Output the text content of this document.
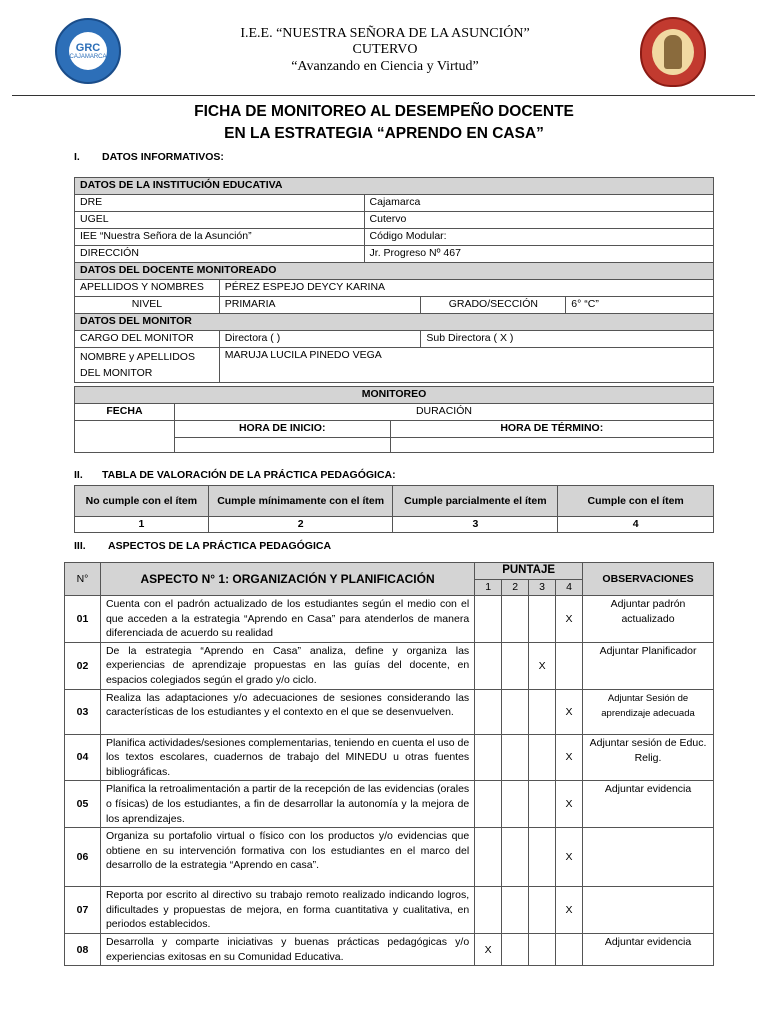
GRC
CAJAMARCA
I.E.E. “NUESTRA SEÑORA DE LA ASUNCIÓN”
CUTERVO
“Avanzando en Ciencia y Virtud”
FICHA DE MONITOREO AL DESEMPEÑO DOCENTE
EN LA ESTRATEGIA “APRENDO EN CASA”
I. DATOS INFORMATIVOS:
DATOS DE LA INSTITUCIÓN EDUCATIVA				
DRE		Cajamarca		
UGEL		Cutervo		
IEE “Nuestra Señora de la Asunción”		Código Modular:		
DIRECCIÓN		Jr. Progreso Nº 467		
DATOS DEL DOCENTE MONITOREADO				
APELLIDOS Y NOMBRES	PÉREZ ESPEJO DEYCY KARINA			
NIVEL	PRIMARIA		GRADO/SECCIÓN	6° “C”
DATOS DEL MONITOR				
CARGO DEL MONITOR	Directora ( )		Sub Directora ( X )	
NOMBRE y APELLIDOS DEL MONITOR	MARUJA LUCILA PINEDO VEGA			
MONITOREO		
FECHA	DURACIÓN	
	HORA DE INICIO:	HORA DE TÉRMINO:

II. TABLA DE VALORACIÓN DE LA PRÁCTICA PEDAGÓGICA:
No cumple con el ítem	Cumple mínimamente con el ítem	Cumple parcialmente el ítem	Cumple con el ítem
1	2	3	4
III. ASPECTOS DE LA PRÁCTICA PEDAGÓGICA
N°	ASPECTO N° 1: ORGANIZACIÓN Y PLANIFICACIÓN	PUNTAJE				OBSERVACIONES
		1	2	3	4	
01	Cuenta con el padrón actualizado de los estudiantes según el medio con el que acceden a la estrategia “Aprendo en Casa” para atenderlos de manera diferenciada de acuerdo su realidad				X	Adjuntar padrón actualizado
02	De la estrategia “Aprendo en Casa” analiza, define y organiza las experiencias de aprendizaje propuestas en las guías del docente, en espacios colegiados según el grado y/o ciclo.			X		Adjuntar Planificador
03	Realiza las adaptaciones y/o adecuaciones de sesiones considerando las características de los estudiantes y el contexto en el que se desenvuelven.				X	Adjuntar Sesión de aprendizaje adecuada
04	Planifica actividades/sesiones complementarias, teniendo en cuenta el uso de los textos escolares, cuadernos de trabajo del MINEDU u otras fuentes bibliográficas.				X	Adjuntar sesión de Educ. Relig.
05	Planifica la retroalimentación a partir de la recepción de las evidencias (orales o físicas) de los estudiantes, a fin de desarrollar la autonomía y la mejora de los aprendizajes.				X	Adjuntar evidencia
06	Organiza su portafolio virtual o físico con los productos y/o evidencias que obtiene en su intervención formativa con los estudiantes en el marco del desarrollo de la estrategia “Aprendo en casa”.				X	
07	Reporta por escrito al directivo su trabajo remoto realizado indicando logros, dificultades y propuestas de mejora, en forma cuantitativa y cualitativa, en periodos establecidos.				X	
08	Desarrolla y comparte iniciativas y buenas prácticas pedagógicas y/o experiencias exitosas en su Comunidad Educativa.	X				Adjuntar evidencia
